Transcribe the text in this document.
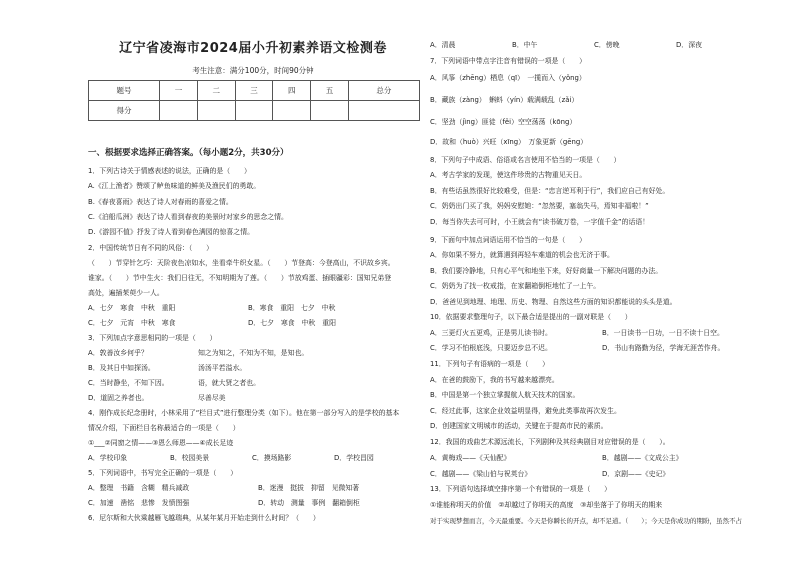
辽宁省凌海市2024届小升初素养语文检测卷
考生注意：满分100分，时间90分钟
题号	一	二	三	四	五	总分
得分						
一、根据要求选择正确答案。（每小题2分，共30分）
1．下列古诗关于情感表述的说法，正确的是（　　）
A.《江上渔者》赞颂了鲈鱼味道的鲜美及渔民们的勇敢。
B.《春夜喜雨》表达了诗人对春雨的喜爱之情。
C.《泊船瓜洲》表达了诗人看到春夜的美景时对家乡的思念之情。
D.《游园不值》抒发了诗人看到春色满园的惊喜之情。
2．中国传统节日有不同的风俗：（　　）
（　　）节穿针乞巧：天阶夜色凉如水，坐看牵牛织女星。（　　）节登高：今登高山，不识故乡宾。
谁家。（　　）节中生火：我们日往无，不知明期为了莲。（　　）节放鸡蛋、插眼疆彩：国知兄弟登
高处，遍插茱萸少一人。
A．七夕　寒食　中秋　重阳	B．寒食　重阳　七夕　中秋
C．七夕　元宵　中秋　寒食	D．七夕　寒食　中秋　重阳
3．下列加点字意思相同的一项是（　　）
A．敦善汝乡何乎？	知之为知之，不知为不知，是知也。
B．及其日中如探汤。	汤汤平若溢水。
C．当时静坐，不知下因。	语，就大贤之者也。
D．道固之养者也。	尽善尽美
4．刚作成长纪念册时，小林采用了“栏目式”进行整理分类（如下）。他在第一部分写入的是学校的基本
情况介绍，下面栏目名称最适合的一项是（　　）
①___②同窗之情——③恩么师恩——④成长足迹
A．学校印象	B．校园美景	C．摸场路影	D．学校昌园
5．下列词语中，书写完全正确的一项是（　　）
A．整理　书籍　含糊　精兵减政	B．迷漫　挺拔　抑留　见微知著
C．加速　凿铭　悲惨　发愤图强	D．转动　测量　事例　翻箱倒柜
6．尼尔斯和大伙乘越雁飞越瑞典，从某年某月开始走到什么时间？（　　）
A．清晨	B．中午	C．傍晚	D．深夜
7．下列词语中带点字注音有错误的一项是（　　）
A．风筝（zhēng）栖息（qī）　一揽而入（yǒng）
B．藏族（zàng）　蝌蚪（yín）载满载乱（zǎi）
C．坚劲（jìng）匪徒（fěi）空空荡荡（kōng）
D．故和（huò）兴旺（xīng）　万象更新（gēng）
8．下列句子中成语、俗语或名言使用不恰当的一项是（　　）
A．考古学家的发现，使这件珍贵的古物重见天日。
B．有些话虽然很好比较难受，但是：“忠言逆耳利于行”，我们应自己有好处。
C．奶奶出门买了我，妈妈安慰她：“忽然要，塞翁失马，焉知非福啦！”
D．每当你失去可可时，小王就会有“读书破万卷，一字值千金”的话语！
9．下面句中加点词语运用不恰当的一句是（　　）
A．你如果不努力，就算遇到再轻车难道的机会也无济于事。
B．我们要冷静地，只有心平气和地坐下来，好好商量一下解决问题的办法。
C．奶奶为了找一枚戒指，在家翻箱倒柜地忙了一上午。
D．爸爸见到地理、地理、历史、物理、自然这些方面的知识都能说的头头是道。
10．依据要求整理句子，以下最合适是提出的一副对联是（　　）
A．三更灯火五更鸡，正是男儿读书时。	B．一日读书一日功，一日不读十日空。
C．学习不怕根底浅，只要迈步总不迟。	D．书山有路勤为径，学海无涯苦作舟。
11．下列句子有语病的一项是（　　）
A．在爸的鼓励下，我的书写越来越漂亮。
B．中国是第一个独立掌握航人航天技术的国家。
C．经过此事，这家企业效益明显得，避免此类事故再次发生。
D．创建国家文明城市的活动，关键在于提高市民的素质。
12．我国的戏曲艺术源远流长，下列剧种及其经典剧目对应错误的是（　　）。
A．黄梅戏——《天仙配》	B．越剧——《文成公主》
C．越剧——《梁山伯与祝英台》	D．京剧——《史记》
13．下列语句选择填空排序第一个有错误的一项是（　　）
①谁能称明天的价值　②却越过了你明天的高度　③却坐落于了你明天的期来
对于实现梦想而言，今天最重要。今天是你瞬长的开点，却不足道。（　　）；今天是你成功的期盼，虽然不占
